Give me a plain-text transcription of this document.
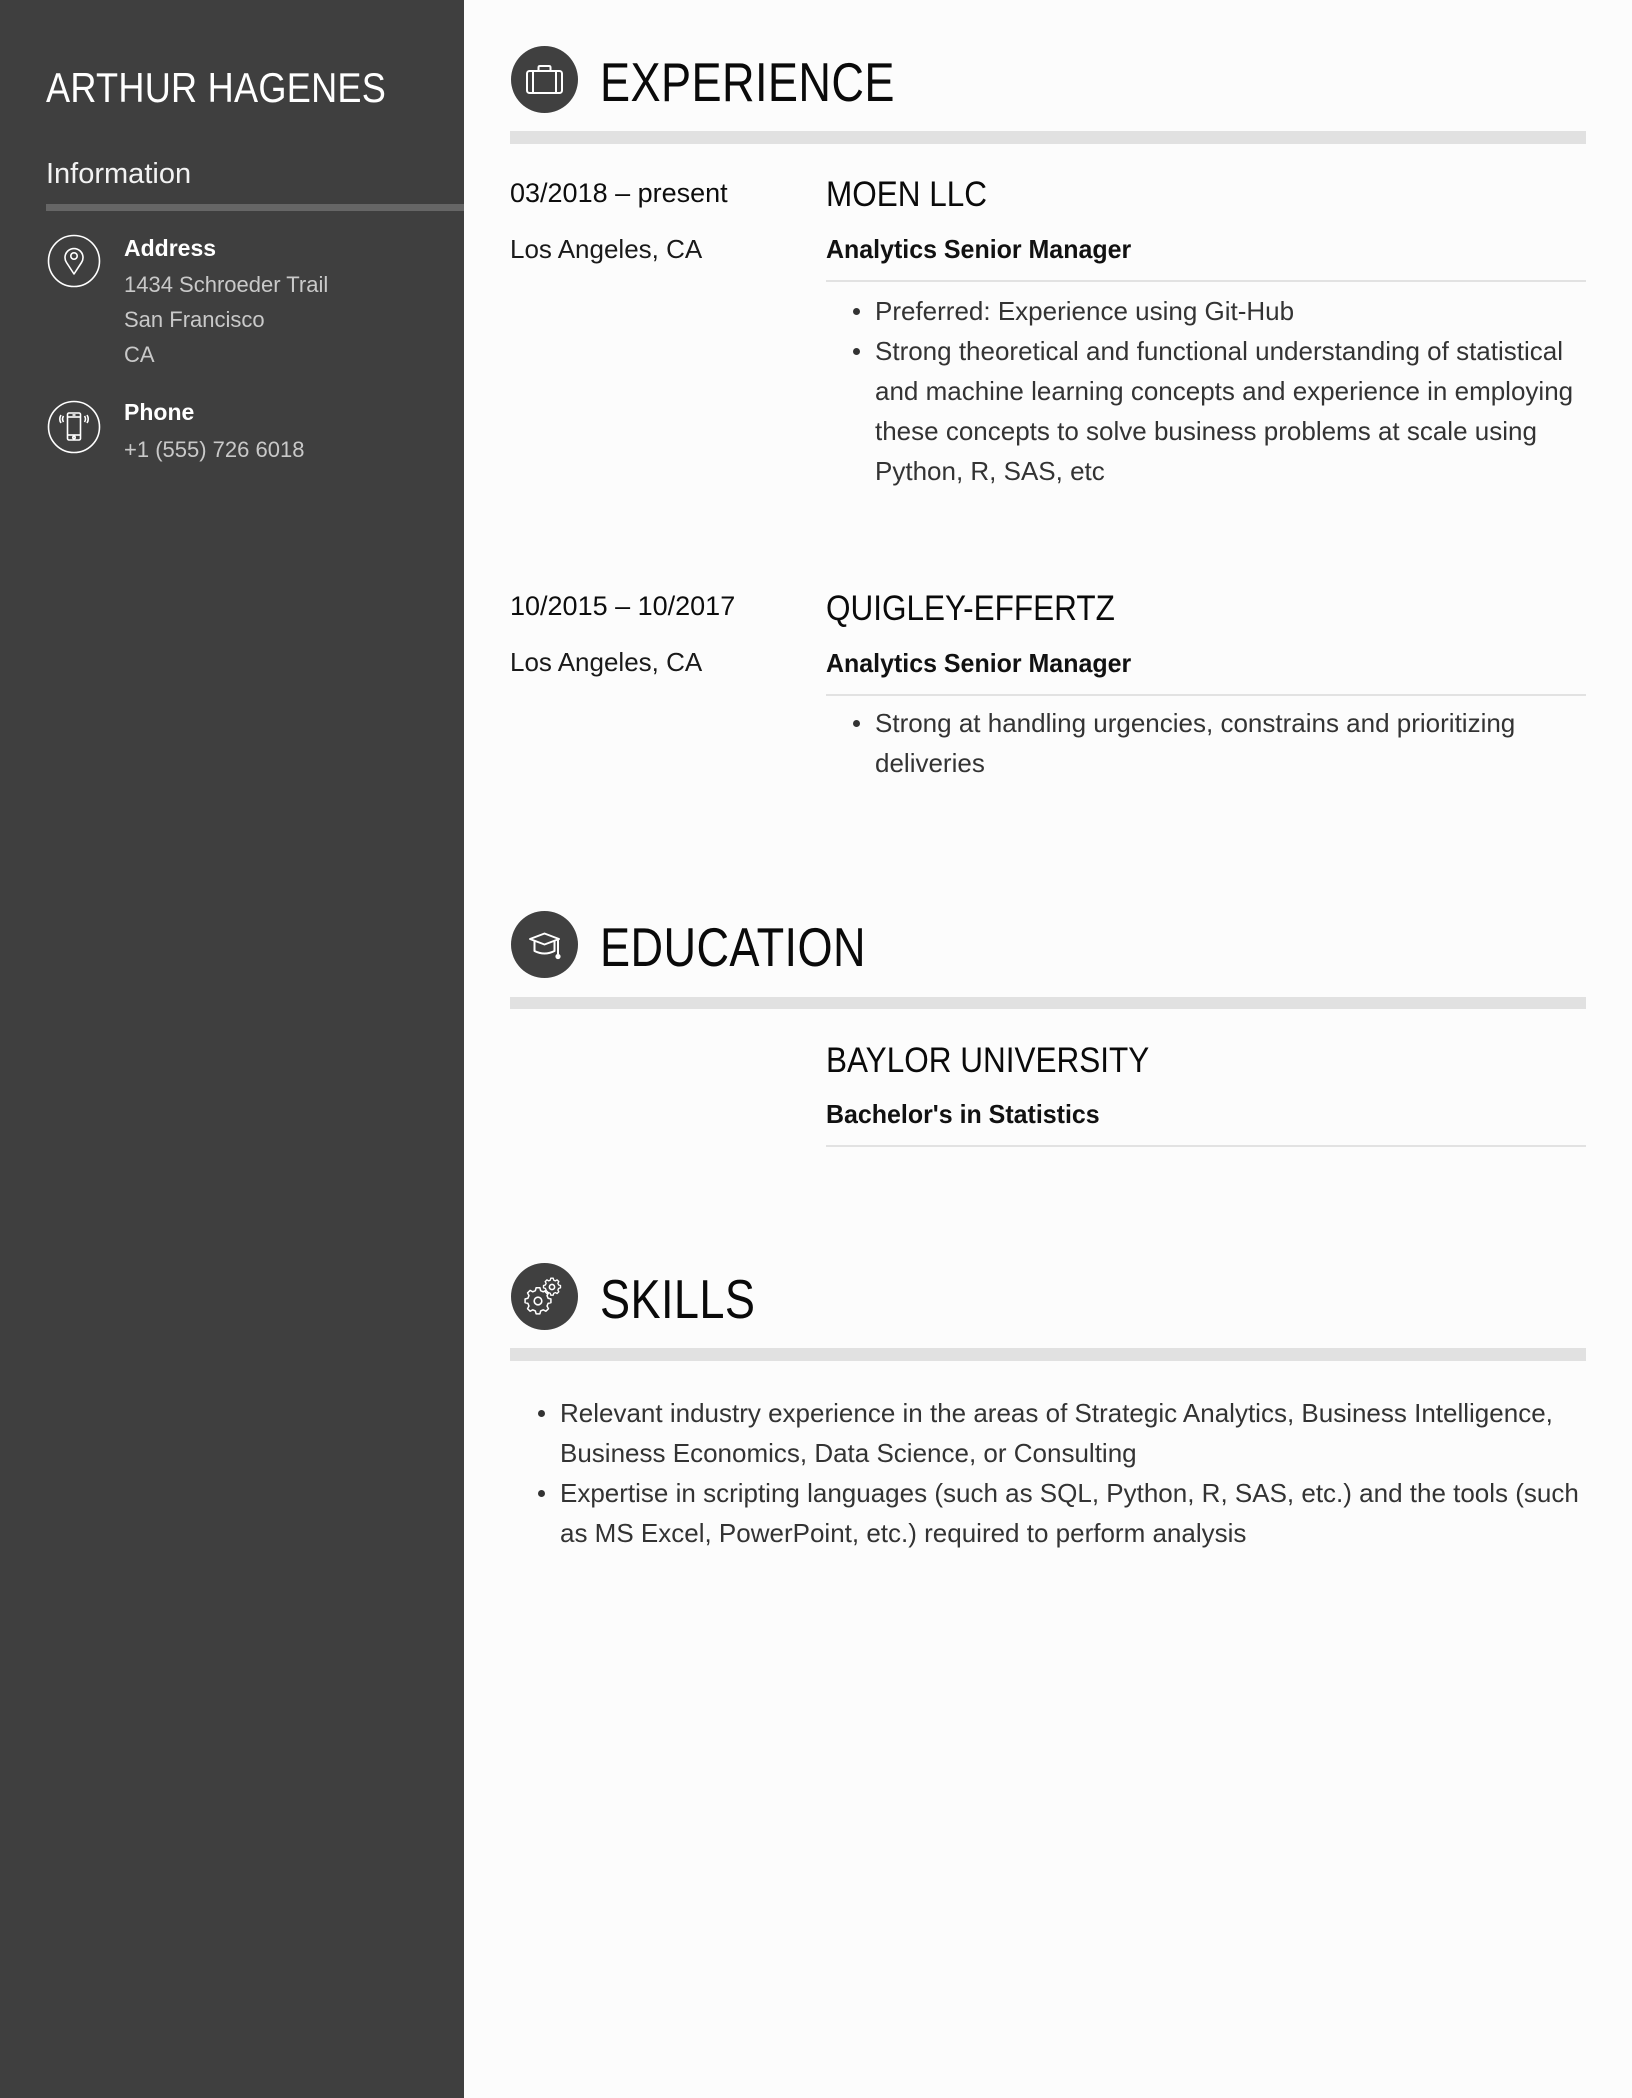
ARTHUR HAGENES
Information
Address
1434 Schroeder Trail
San Francisco
CA
Phone
+1 (555) 726 6018
EXPERIENCE
03/2018 – present
Los Angeles, CA
MOEN LLC
Analytics Senior Manager
Preferred: Experience using Git-Hub
Strong theoretical and functional understanding of statistical and machine learning concepts and experience in employing these concepts to solve business problems at scale using Python, R, SAS, etc
10/2015 – 10/2017
Los Angeles, CA
QUIGLEY-EFFERTZ
Analytics Senior Manager
Strong at handling urgencies, constrains and prioritizing deliveries
EDUCATION
BAYLOR UNIVERSITY
Bachelor's in Statistics
SKILLS
Relevant industry experience in the areas of Strategic Analytics, Business Intelligence, Business Economics, Data Science, or Consulting
Expertise in scripting languages (such as SQL, Python, R, SAS, etc.) and the tools (such as MS Excel, PowerPoint, etc.) required to perform analysis
